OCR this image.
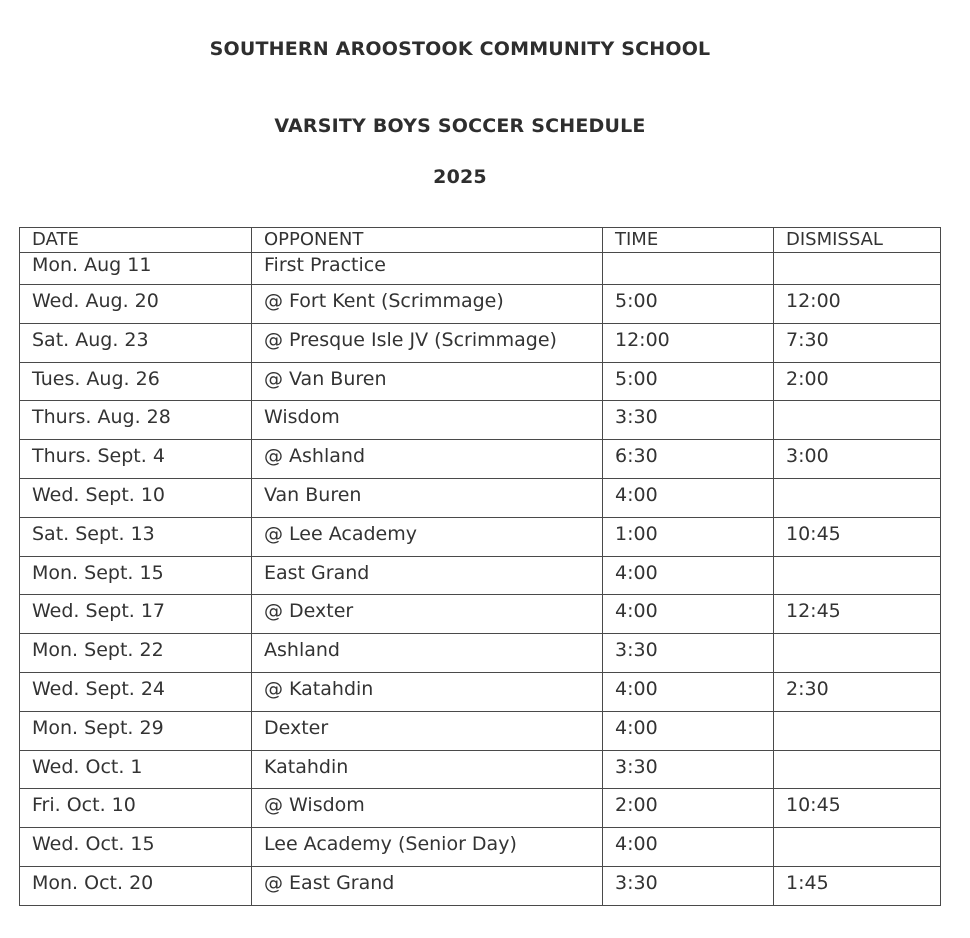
SOUTHERN AROOSTOOK COMMUNITY SCHOOL
VARSITY BOYS SOCCER SCHEDULE
2025
DATE	OPPONENT	TIME	DISMISSAL
Mon. Aug 11	First Practice		
Wed. Aug. 20	@ Fort Kent (Scrimmage)	5:00	12:00
Sat. Aug. 23	@ Presque Isle JV (Scrimmage)	12:00	7:30
Tues. Aug. 26	@ Van Buren	5:00	2:00
Thurs. Aug. 28	Wisdom	3:30	
Thurs. Sept. 4	@ Ashland	6:30	3:00
Wed. Sept. 10	Van Buren	4:00	
Sat. Sept. 13	@ Lee Academy	1:00	10:45
Mon. Sept. 15	East Grand	4:00	
Wed. Sept. 17	@ Dexter	4:00	12:45
Mon. Sept. 22	Ashland	3:30	
Wed. Sept. 24	@ Katahdin	4:00	2:30
Mon. Sept. 29	Dexter	4:00	
Wed. Oct. 1	Katahdin	3:30	
Fri. Oct. 10	@ Wisdom	2:00	10:45
Wed. Oct. 15	Lee Academy (Senior Day)	4:00	
Mon. Oct. 20	@ East Grand	3:30	1:45
